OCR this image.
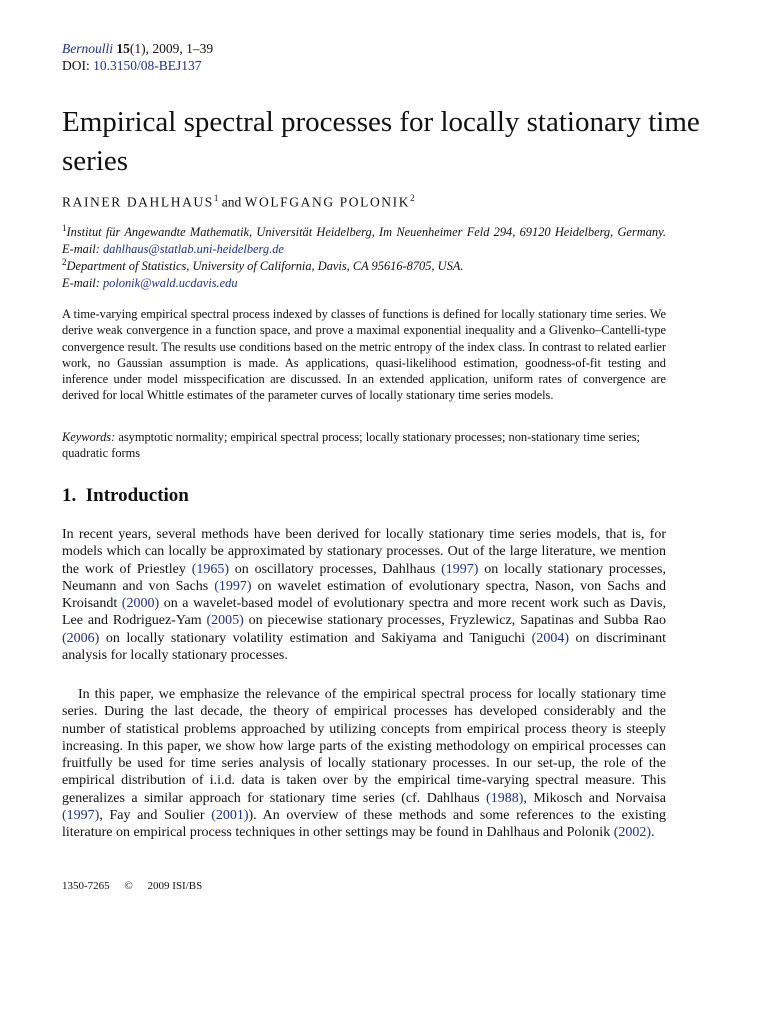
Bernoulli 15(1), 2009, 1–39
DOI: 10.3150/08-BEJ137
Empirical spectral processes for locally stationary time series
RAINER DAHLHAUS$^1$ and WOLFGANG POLONIK$^2$
$^1$Institut für Angewandte Mathematik, Universität Heidelberg, Im Neuenheimer Feld 294, 69120 Heidelberg, Germany. E-mail: dahlhaus@statlab.uni-heidelberg.de
$^2$Department of Statistics, University of California, Davis, CA 95616-8705, USA.
E-mail: polonik@wald.ucdavis.edu

A time-varying empirical spectral process indexed by classes of functions is defined for locally stationary time series. We derive weak convergence in a function space, and prove a maximal exponential inequality and a Glivenko–Cantelli-type convergence result. The results use conditions based on the metric entropy of the index class. In contrast to related earlier work, no Gaussian assumption is made. As applications, quasi-likelihood estimation, goodness-of-fit testing and inference under model misspecification are discussed. In an extended application, uniform rates of convergence are derived for local Whittle estimates of the parameter curves of locally stationary time series models.

Keywords: asymptotic normality; empirical spectral process; locally stationary processes; non-stationary time series; quadratic forms

1. Introduction

In recent years, several methods have been derived for locally stationary time series models, that is, for models which can locally be approximated by stationary processes. Out of the large literature, we mention the work of Priestley (1965) on oscillatory processes, Dahlhaus (1997) on locally stationary processes, Neumann and von Sachs (1997) on wavelet estimation of evolutionary spectra, Nason, von Sachs and Kroisandt (2000) on a wavelet-based model of evolutionary spectra and more recent work such as Davis, Lee and Rodriguez-Yam (2005) on piecewise stationary processes, Fryzlewicz, Sapatinas and Subba Rao (2006) on locally stationary volatility estimation and Sakiyama and Taniguchi (2004) on discriminant analysis for locally stationary processes.

In this paper, we emphasize the relevance of the empirical spectral process for locally stationary time series. During the last decade, the theory of empirical processes has developed considerably and the number of statistical problems approached by utilizing concepts from empirical process theory is steeply increasing. In this paper, we show how large parts of the existing methodology on empirical processes can fruitfully be used for time series analysis of locally stationary processes. In our set-up, the role of the empirical distribution of i.i.d. data is taken over by the empirical time-varying spectral measure. This generalizes a similar approach for stationary time series (cf. Dahlhaus (1988), Mikosch and Norvaisa (1997), Fay and Soulier (2001)). An overview of these methods and some references to the existing literature on empirical process techniques in other settings may be found in Dahlhaus and Polonik (2002).

1350-7265 © 2009 ISI/BS
